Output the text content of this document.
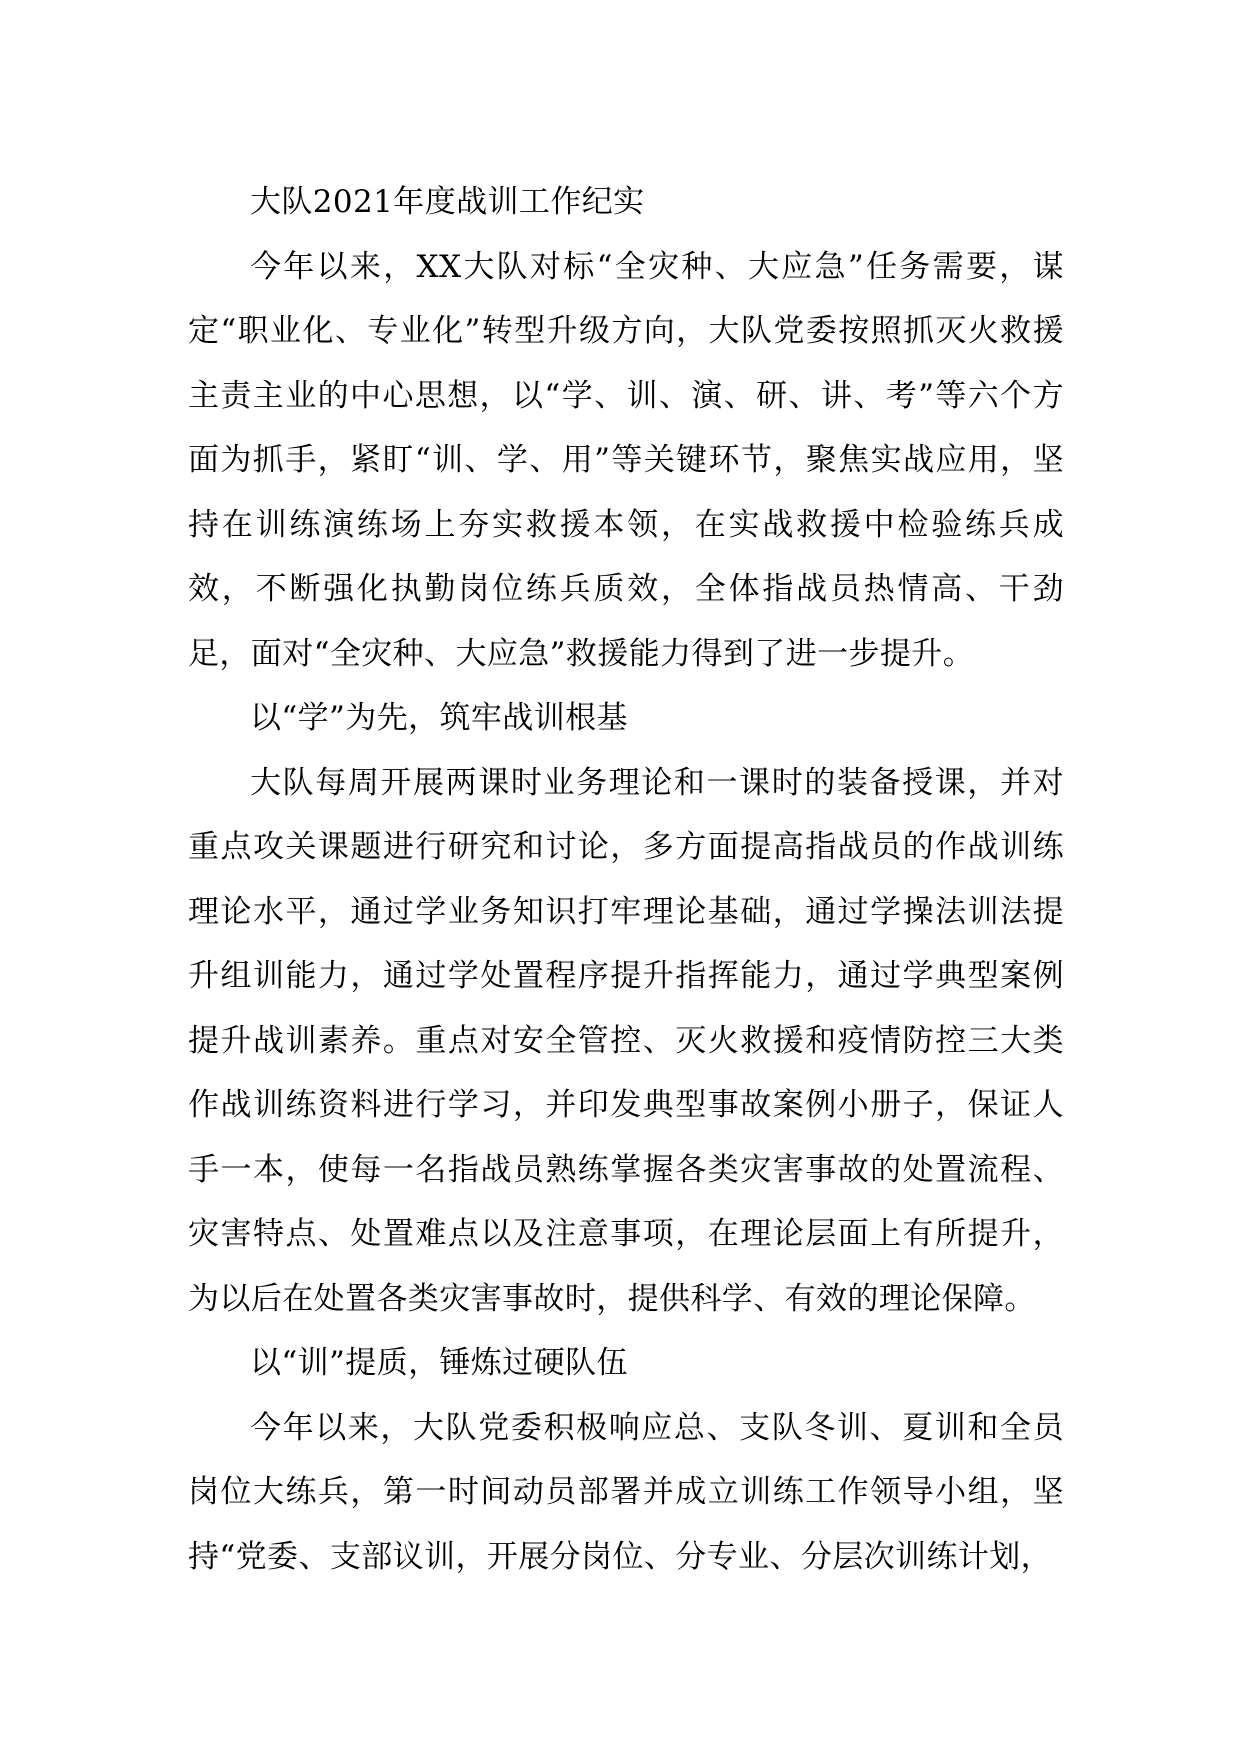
大队2021年度战训工作纪实

今年以来，XX大队对标“全灾种、大应急”任务需要，谋定“职业化、专业化”转型升级方向，大队党委按照抓灭火救援主责主业的中心思想，以“学、训、演、研、讲、考”等六个方面为抓手，紧盯“训、学、用”等关键环节，聚焦实战应用，坚持在训练演练场上夯实救援本领，在实战救援中检验练兵成效，不断强化执勤岗位练兵质效，全体指战员热情高、干劲足，面对“全灾种、大应急”救援能力得到了进一步提升。

以“学”为先，筑牢战训根基

大队每周开展两课时业务理论和一课时的装备授课，并对重点攻关课题进行研究和讨论，多方面提高指战员的作战训练理论水平，通过学业务知识打牢理论基础，通过学操法训法提升组训能力，通过学处置程序提升指挥能力，通过学典型案例提升战训素养。重点对安全管控、灭火救援和疫情防控三大类作战训练资料进行学习，并印发典型事故案例小册子，保证人手一本，使每一名指战员熟练掌握各类灾害事故的处置流程、灾害特点、处置难点以及注意事项，在理论层面上有所提升，为以后在处置各类灾害事故时，提供科学、有效的理论保障。

以“训”提质，锤炼过硬队伍

今年以来，大队党委积极响应总、支队冬训、夏训和全员岗位大练兵，第一时间动员部署并成立训练工作领导小组，坚持“党委、支部议训，开展分岗位、分专业、分层次训练计划，
